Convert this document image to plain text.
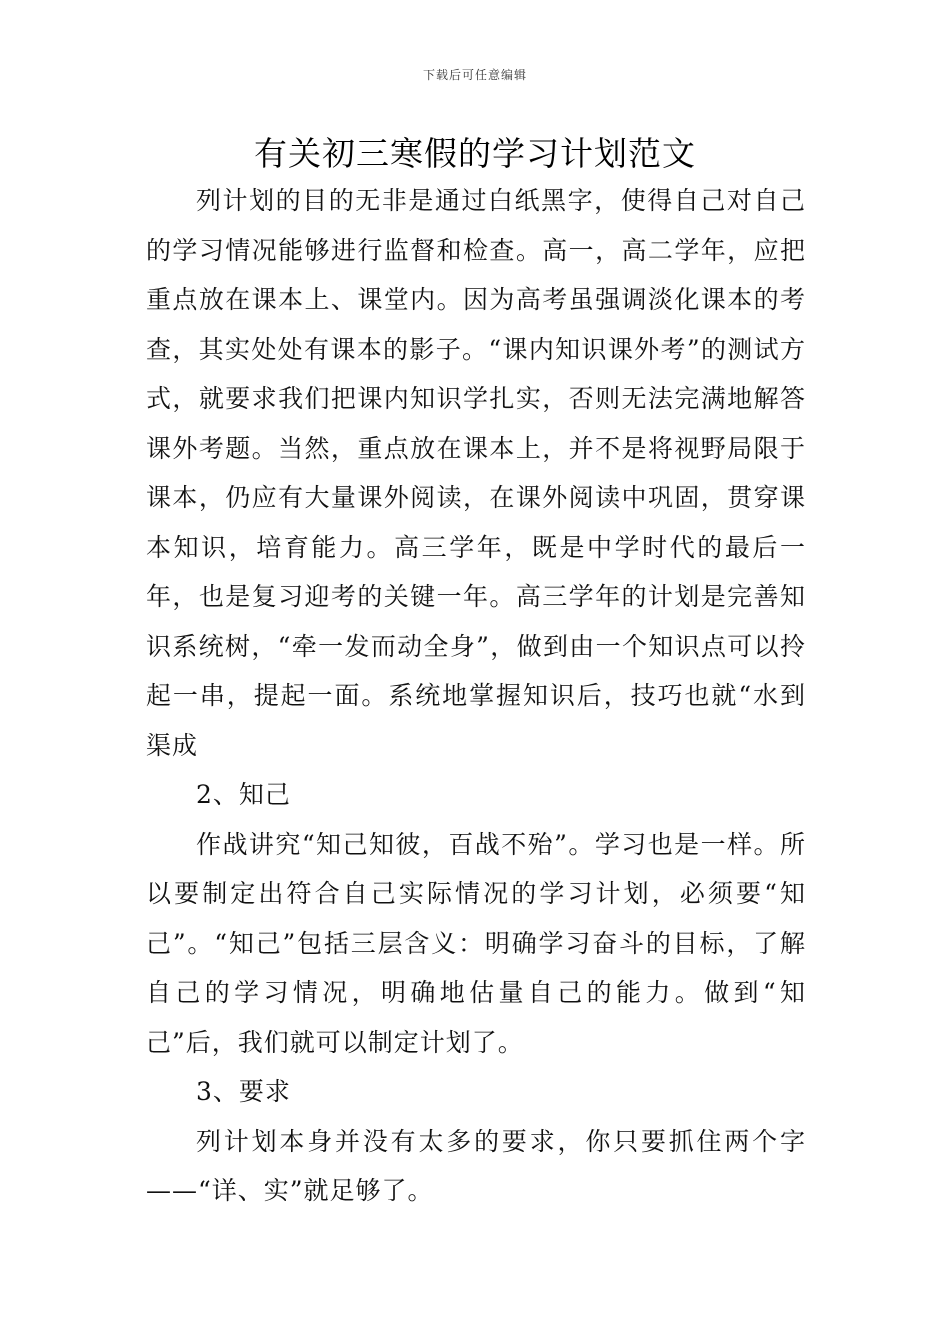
下载后可任意编辑
有关初三寒假的学习计划范文

列计划的目的无非是通过白纸黑字，使得自己对自己的学习情况能够进行监督和检查。高一，高二学年，应把重点放在课本上、课堂内。因为高考虽强调淡化课本的考查，其实处处有课本的影子。“课内知识课外考”的测试方式，就要求我们把课内知识学扎实，否则无法完满地解答课外考题。当然，重点放在课本上，并不是将视野局限于课本，仍应有大量课外阅读，在课外阅读中巩固，贯穿课本知识，培育能力。高三学年，既是中学时代的最后一年，也是复习迎考的关键一年。高三学年的计划是完善知识系统树，“牵一发而动全身”，做到由一个知识点可以拎起一串，提起一面。系统地掌握知识后，技巧也就“水到渠成

2、知己

作战讲究“知己知彼，百战不殆”。学习也是一样。所以要制定出符合自己实际情况的学习计划，必须要“知己”。“知己”包括三层含义：明确学习奋斗的目标，了解自己的学习情况，明确地估量自己的能力。做到“知己”后，我们就可以制定计划了。

3、要求

列计划本身并没有太多的要求，你只要抓住两个字——“详、实”就足够了。
